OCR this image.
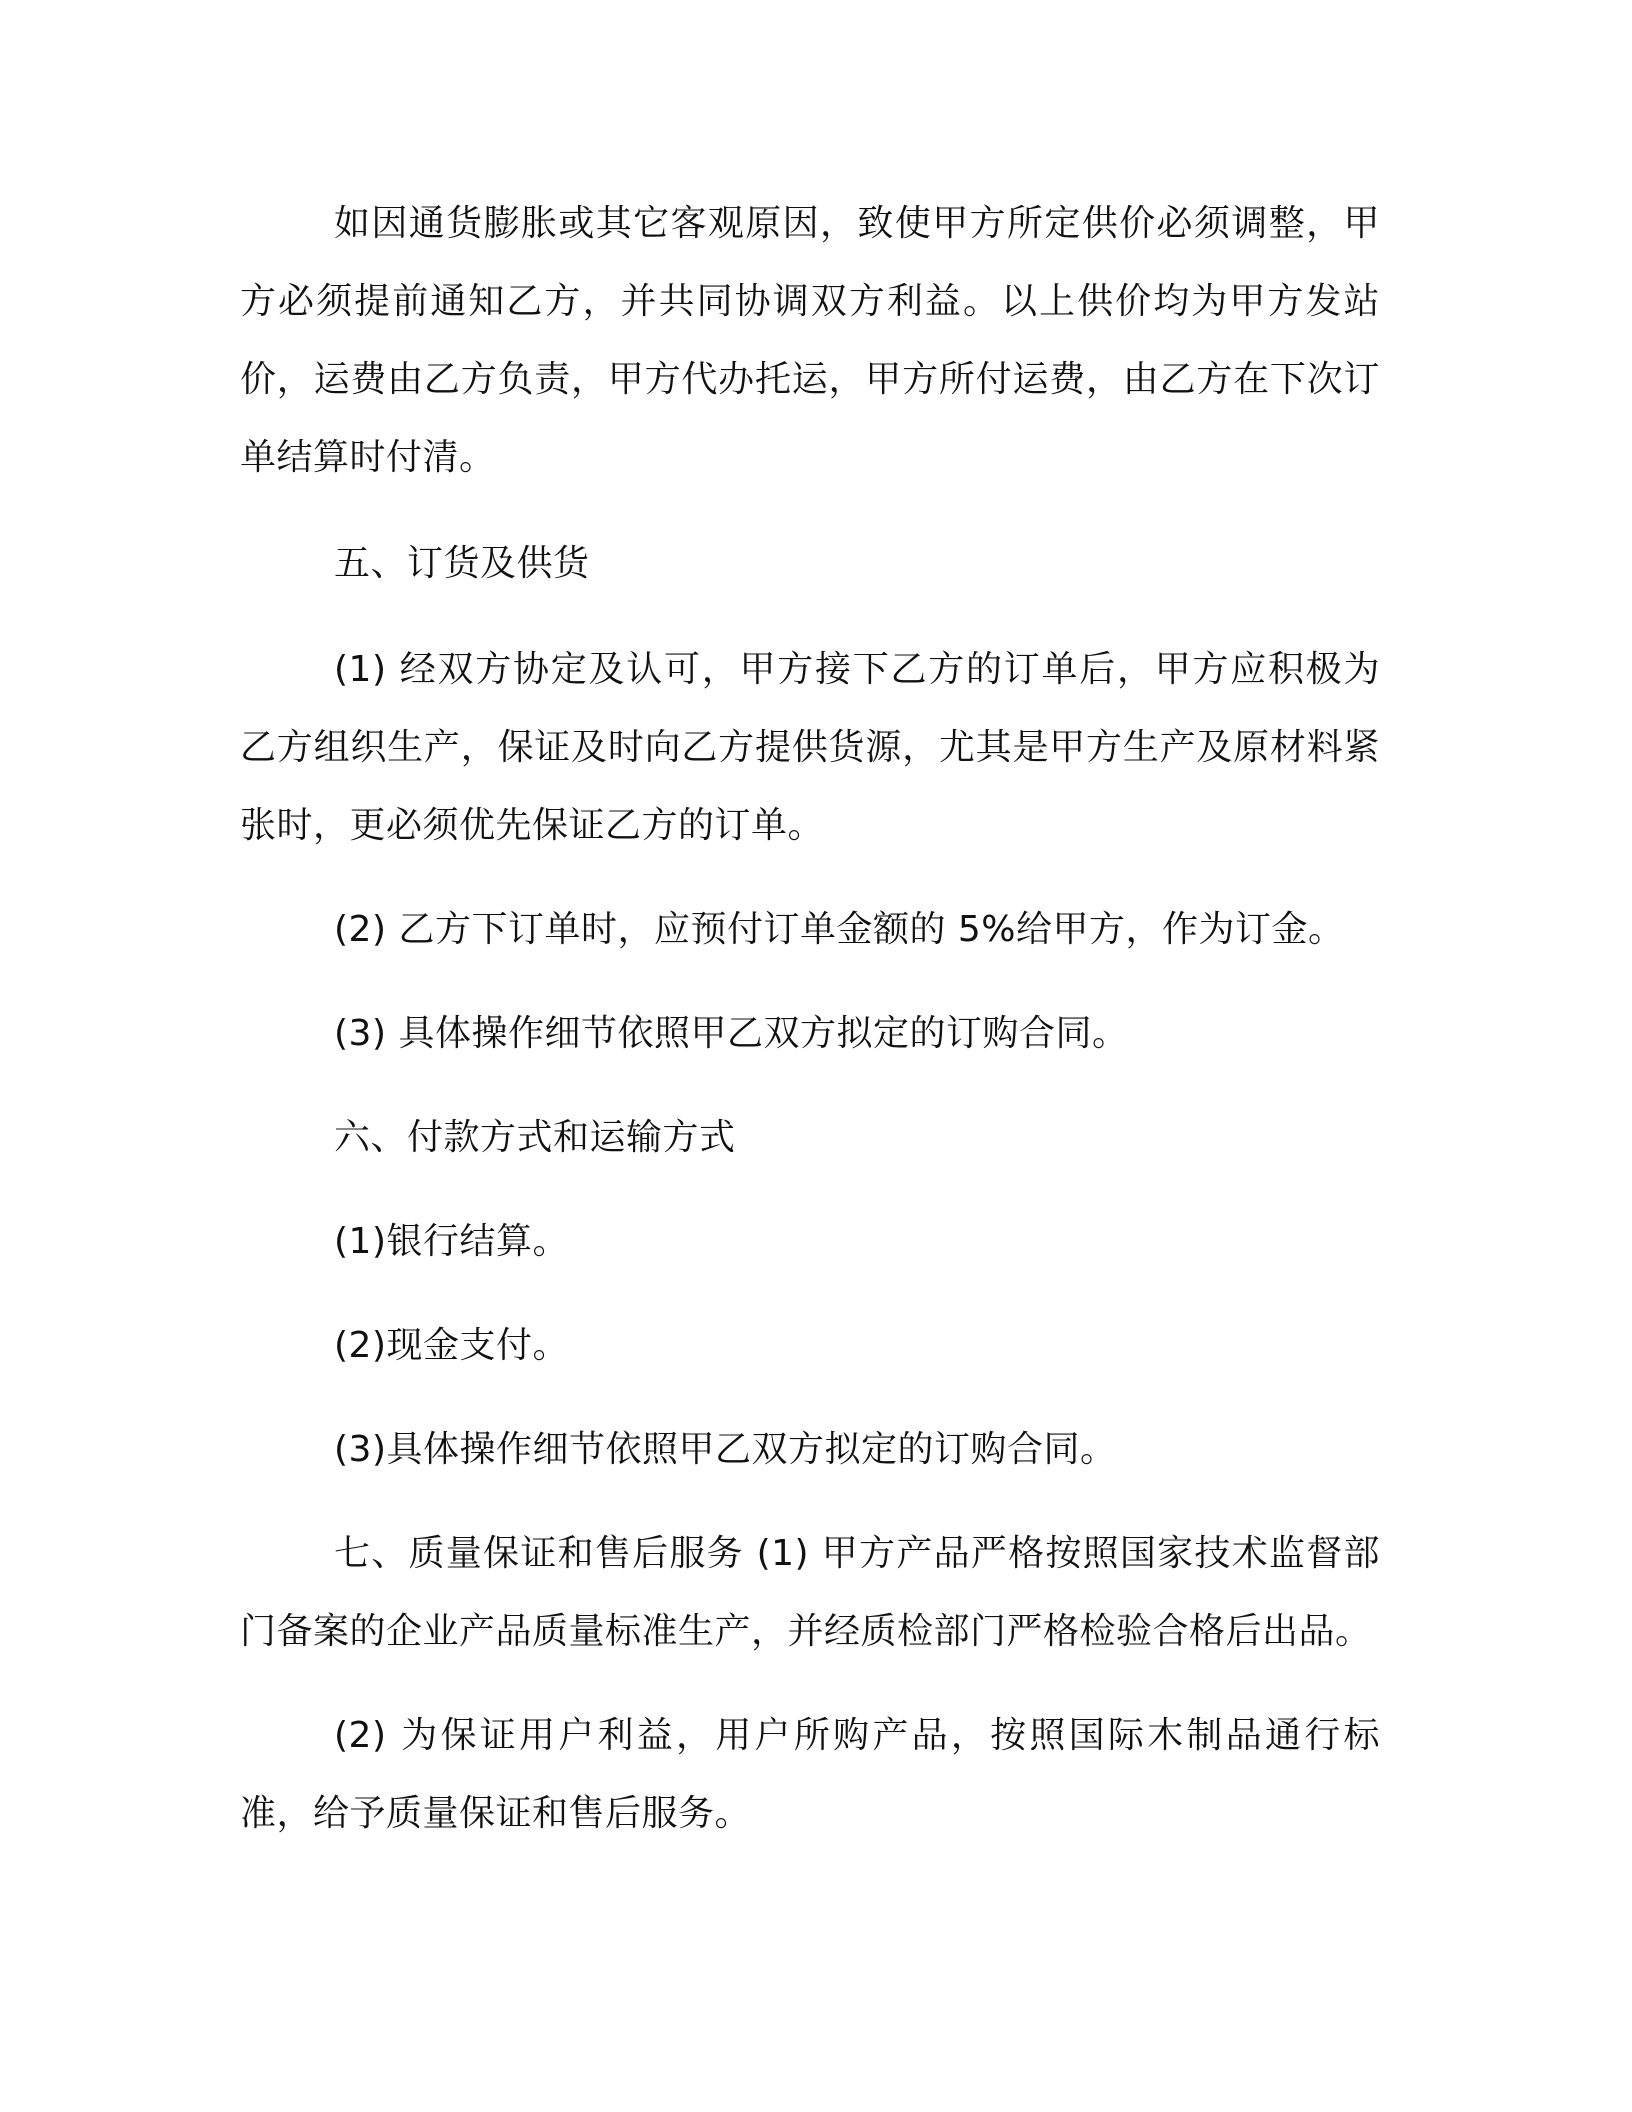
如因通货膨胀或其它客观原因，致使甲方所定供价必须调整，甲方必须提前通知乙方，并共同协调双方利益。以上供价均为甲方发站价，运费由乙方负责，甲方代办托运，甲方所付运费，由乙方在下次订单结算时付清。

五、订货及供货

(1) 经双方协定及认可，甲方接下乙方的订单后，甲方应积极为乙方组织生产，保证及时向乙方提供货源，尤其是甲方生产及原材料紧张时，更必须优先保证乙方的订单。

(2) 乙方下订单时，应预付订单金额的 5%给甲方，作为订金。

(3) 具体操作细节依照甲乙双方拟定的订购合同。

六、付款方式和运输方式

(1)银行结算。

(2)现金支付。

(3)具体操作细节依照甲乙双方拟定的订购合同。

七、质量保证和售后服务 (1) 甲方产品严格按照国家技术监督部门备案的企业产品质量标准生产，并经质检部门严格检验合格后出品。

(2) 为保证用户利益，用户所购产品，按照国际木制品通行标准，给予质量保证和售后服务。
